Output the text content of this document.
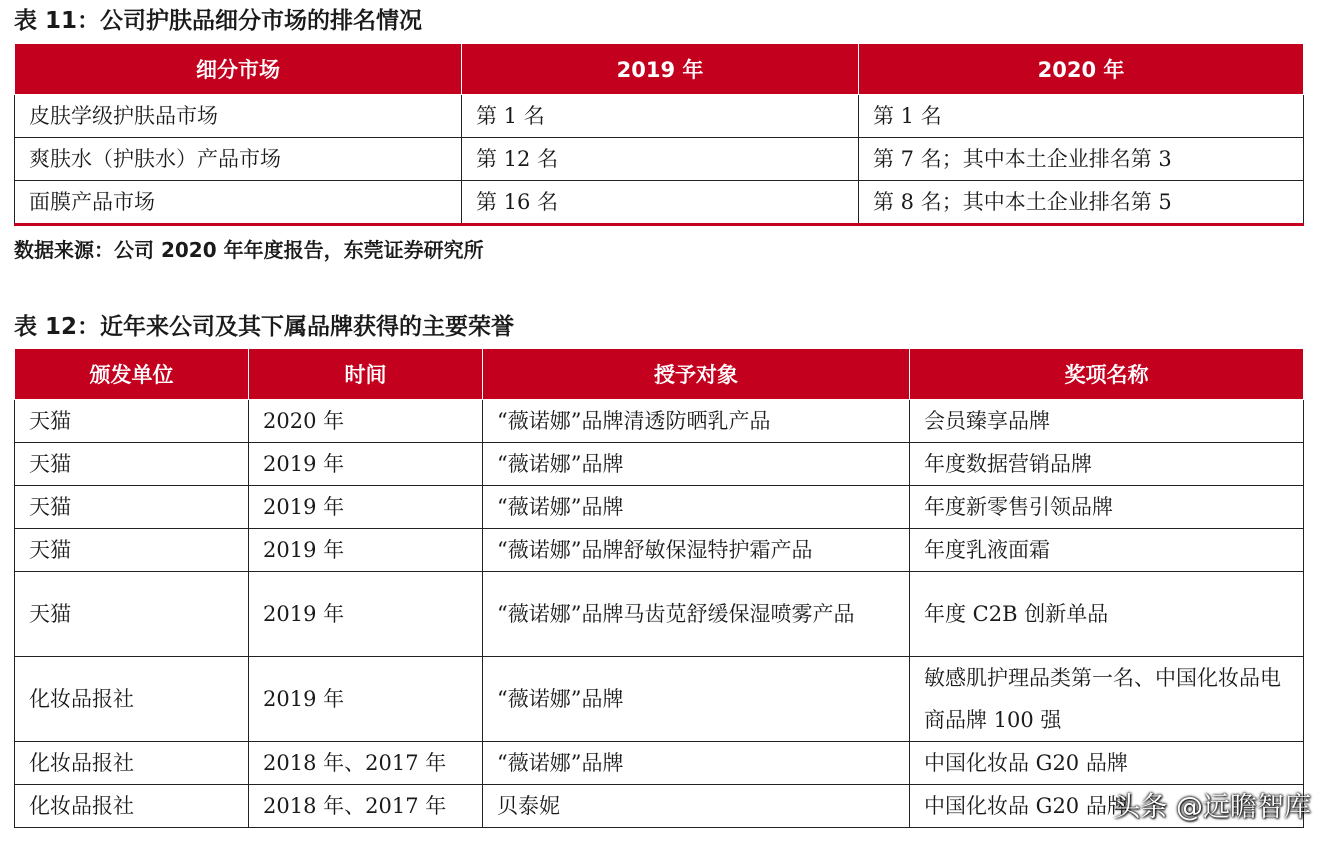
表 11：公司护肤品细分市场的排名情况
细分市场	2019 年	2020 年
皮肤学级护肤品市场	第 1 名	第 1 名
爽肤水（护肤水）产品市场	第 12 名	第 7 名；其中本土企业排名第 3
面膜产品市场	第 16 名	第 8 名；其中本土企业排名第 5
数据来源：公司 2020 年年度报告，东莞证券研究所
表 12：近年来公司及其下属品牌获得的主要荣誉
颁发单位	时间	授予对象	奖项名称
天猫	2020 年	“薇诺娜”品牌清透防晒乳产品	会员臻享品牌
天猫	2019 年	“薇诺娜”品牌	年度数据营销品牌
天猫	2019 年	“薇诺娜”品牌	年度新零售引领品牌
天猫	2019 年	“薇诺娜”品牌舒敏保湿特护霜产品	年度乳液面霜
天猫	2019 年	“薇诺娜”品牌马齿苋舒缓保湿喷雾产品	年度 C2B 创新单品
化妆品报社	2019 年	“薇诺娜”品牌	敏感肌护理品类第一名、中国化妆品电商品牌 100 强
化妆品报社	2018 年、2017 年	“薇诺娜”品牌	中国化妆品 G20 品牌
化妆品报社	2018 年、2017 年	贝泰妮	中国化妆品 G20 品牌
头条 @远瞻智库
